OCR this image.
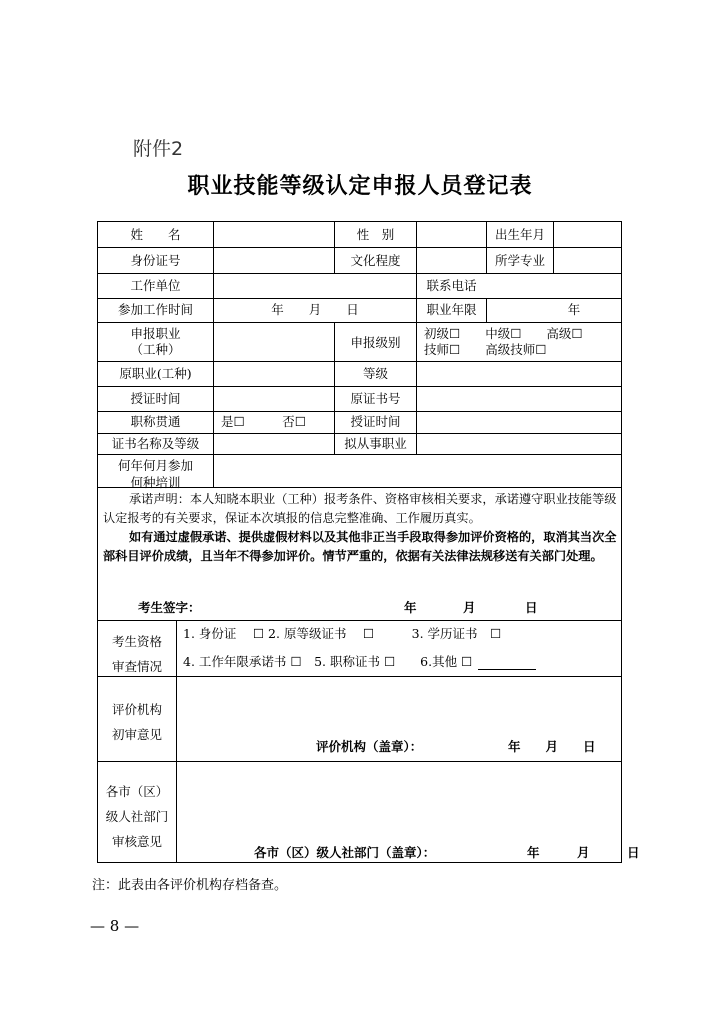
附件2
职业技能等级认定申报人员登记表
姓　　名	性　别	出生年月
身份证号	文化程度	所学专业
工作单位	联系电话
参加工作时间	年　　月　　日	职业年限	年
申报职业
（工种）	申报级别
初级☐　　中级☐　　高级☐
技师☐　　高级技师☐
原职业(工种)	等级
授证时间	原证书号
职称贯通	是☐　　　否☐	授证时间
证书名称及等级	拟从事职业
何年何月参加
何种培训
承诺声明：本人知晓本职业（工种）报考条件、资格审核相关要求，承诺遵守职业技能等级认定报考的有关要求，保证本次填报的信息完整准确、工作履历真实。
如有通过虚假承诺、提供虚假材料以及其他非正当手段取得参加评价资格的，取消其当次全部科目评价成绩，且当年不得参加评价。情节严重的，依据有关法律法规移送有关部门处理。
考生签字：	年	月	日
考生资格
审查情况
1. 身份证　 ☐ 2. 原等级证书　 ☐　　　3. 学历证书　☐
4. 工作年限承诺书 ☐　5. 职称证书 ☐　　6.其他 ☐
评价机构
初审意见
评价机构（盖章）：	年　　月　　日
各市（区）
级人社部门
审核意见
各市（区）级人社部门（盖章）：	年　　　月　　　日
注：此表由各评价机构存档备查。
— 8 —
